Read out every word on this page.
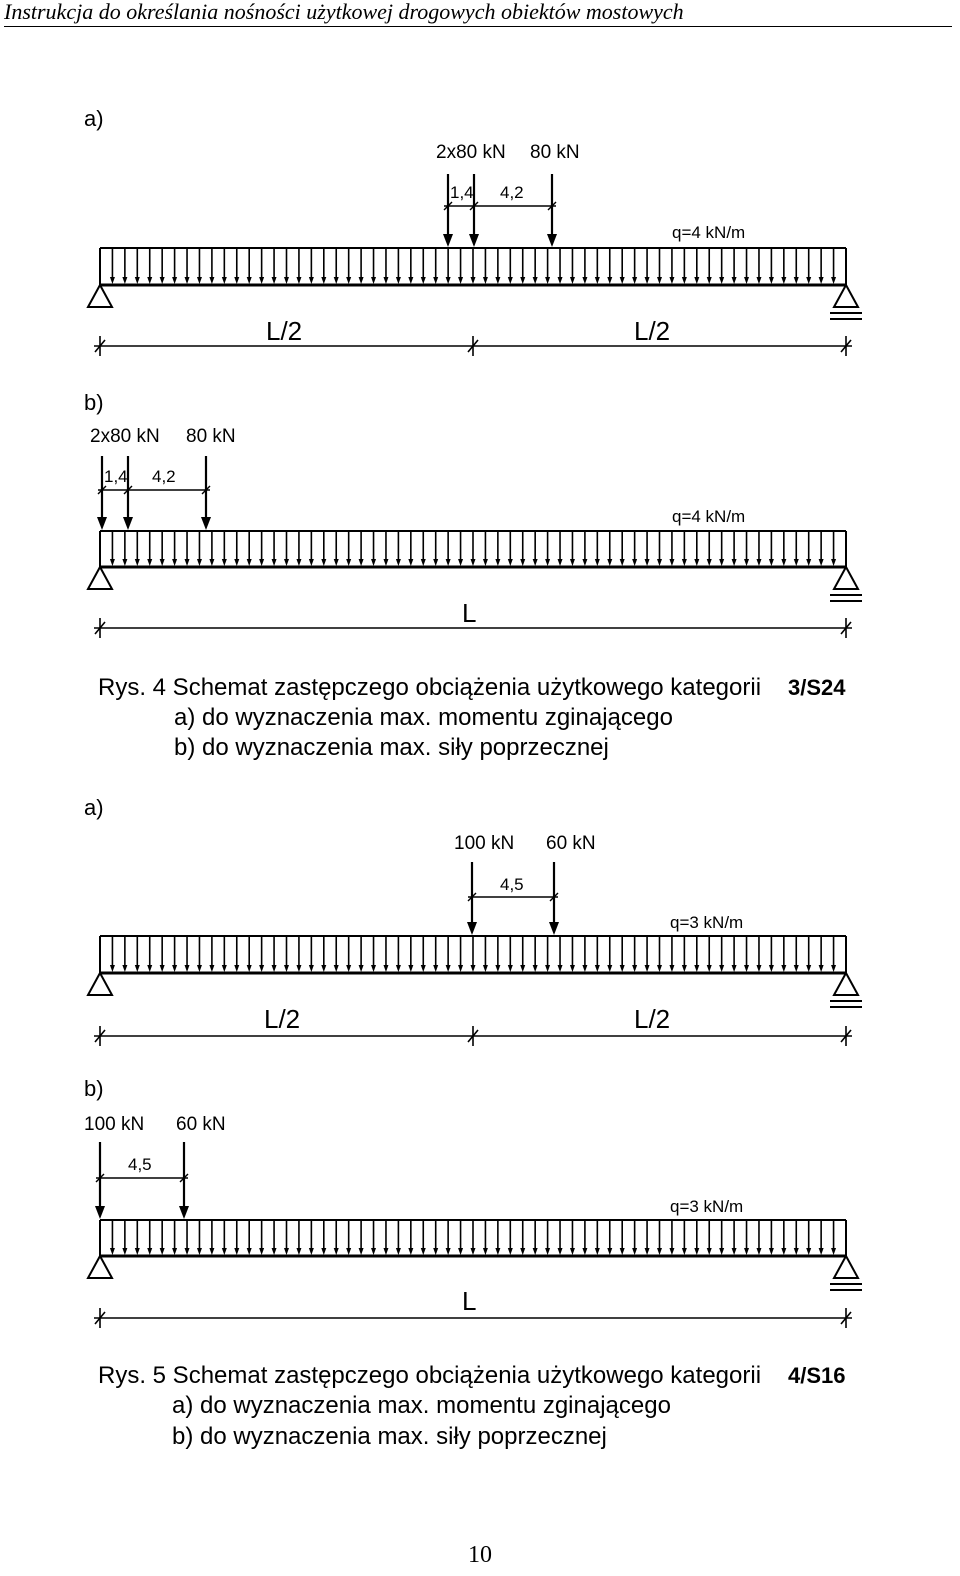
Instrukcja do określania nośności użytkowej drogowych obiektów mostowych
a)
2x80 kN 80 kN
1,4 4,2
q=4 kN/m
L/2	L/2
b)
2x80 kN 80 kN
1,4 4,2
q=4 kN/m
L
Rys. 4 Schemat zastępczego obciążenia użytkowego kategorii 3/S24
a) do wyznaczenia max. momentu zginającego
b) do wyznaczenia max. siły poprzecznej
a)
100 kN 60 kN
4,5
q=3 kN/m
L/2	L/2
b)
100 kN 60 kN
4,5
q=3 kN/m
L
Rys. 5 Schemat zastępczego obciążenia użytkowego kategorii 4/S16
a) do wyznaczenia max. momentu zginającego
b) do wyznaczenia max. siły poprzecznej
10
